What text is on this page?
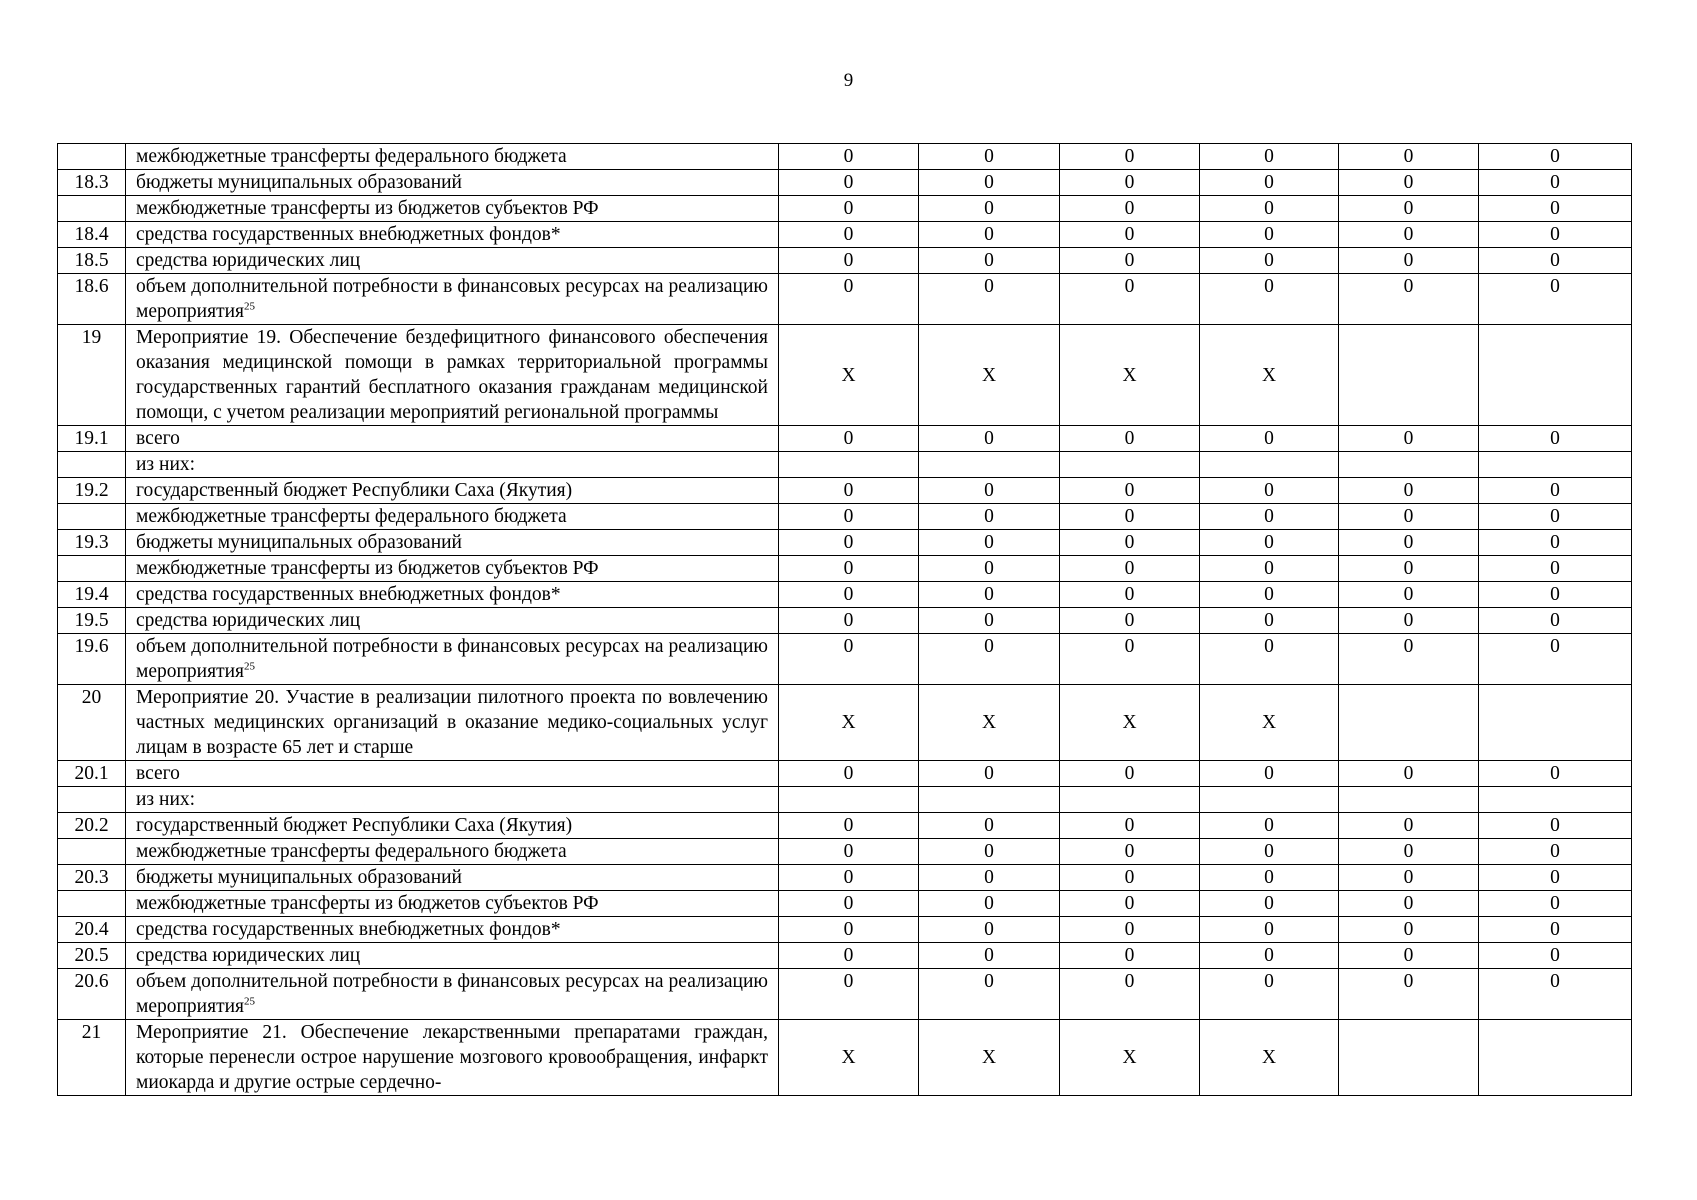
9
	межбюджетные трансферты федерального бюджета	0	0	0	0	0	0
18.3	бюджеты муниципальных образований	0	0	0	0	0	0
	межбюджетные трансферты из бюджетов субъектов РФ	0	0	0	0	0	0
18.4	средства государственных внебюджетных фондов*	0	0	0	0	0	0
18.5	средства юридических лиц	0	0	0	0	0	0
18.6	объем дополнительной потребности в финансовых ресурсах на реализацию мероприятия$^{25}$	0	0	0	0	0	0
19	Мероприятие 19. Обеспечение бездефицитного финансового обеспечения оказания медицинской помощи в рамках территориальной программы государственных гарантий бесплатного оказания гражданам медицинской помощи, с учетом реализации мероприятий региональной программы	Х	Х	Х	Х		
19.1	всего	0	0	0	0	0	0
	из них:						
19.2	государственный бюджет Республики Саха (Якутия)	0	0	0	0	0	0
	межбюджетные трансферты федерального бюджета	0	0	0	0	0	0
19.3	бюджеты муниципальных образований	0	0	0	0	0	0
	межбюджетные трансферты из бюджетов субъектов РФ	0	0	0	0	0	0
19.4	средства государственных внебюджетных фондов*	0	0	0	0	0	0
19.5	средства юридических лиц	0	0	0	0	0	0
19.6	объем дополнительной потребности в финансовых ресурсах на реализацию мероприятия$^{25}$	0	0	0	0	0	0
20	Мероприятие 20. Участие в реализации пилотного проекта по вовлечению частных медицинских организаций в оказание медико-социальных услуг лицам в возрасте 65 лет и старше	Х	Х	Х	Х		
20.1	всего	0	0	0	0	0	0
	из них:						
20.2	государственный бюджет Республики Саха (Якутия)	0	0	0	0	0	0
	межбюджетные трансферты федерального бюджета	0	0	0	0	0	0
20.3	бюджеты муниципальных образований	0	0	0	0	0	0
	межбюджетные трансферты из бюджетов субъектов РФ	0	0	0	0	0	0
20.4	средства государственных внебюджетных фондов*	0	0	0	0	0	0
20.5	средства юридических лиц	0	0	0	0	0	0
20.6	объем дополнительной потребности в финансовых ресурсах на реализацию мероприятия$^{25}$	0	0	0	0	0	0
21	Мероприятие 21. Обеспечение лекарственными препаратами граждан, которые перенесли острое нарушение мозгового кровообращения, инфаркт миокарда и другие острые сердечно-	Х	Х	Х	Х		
